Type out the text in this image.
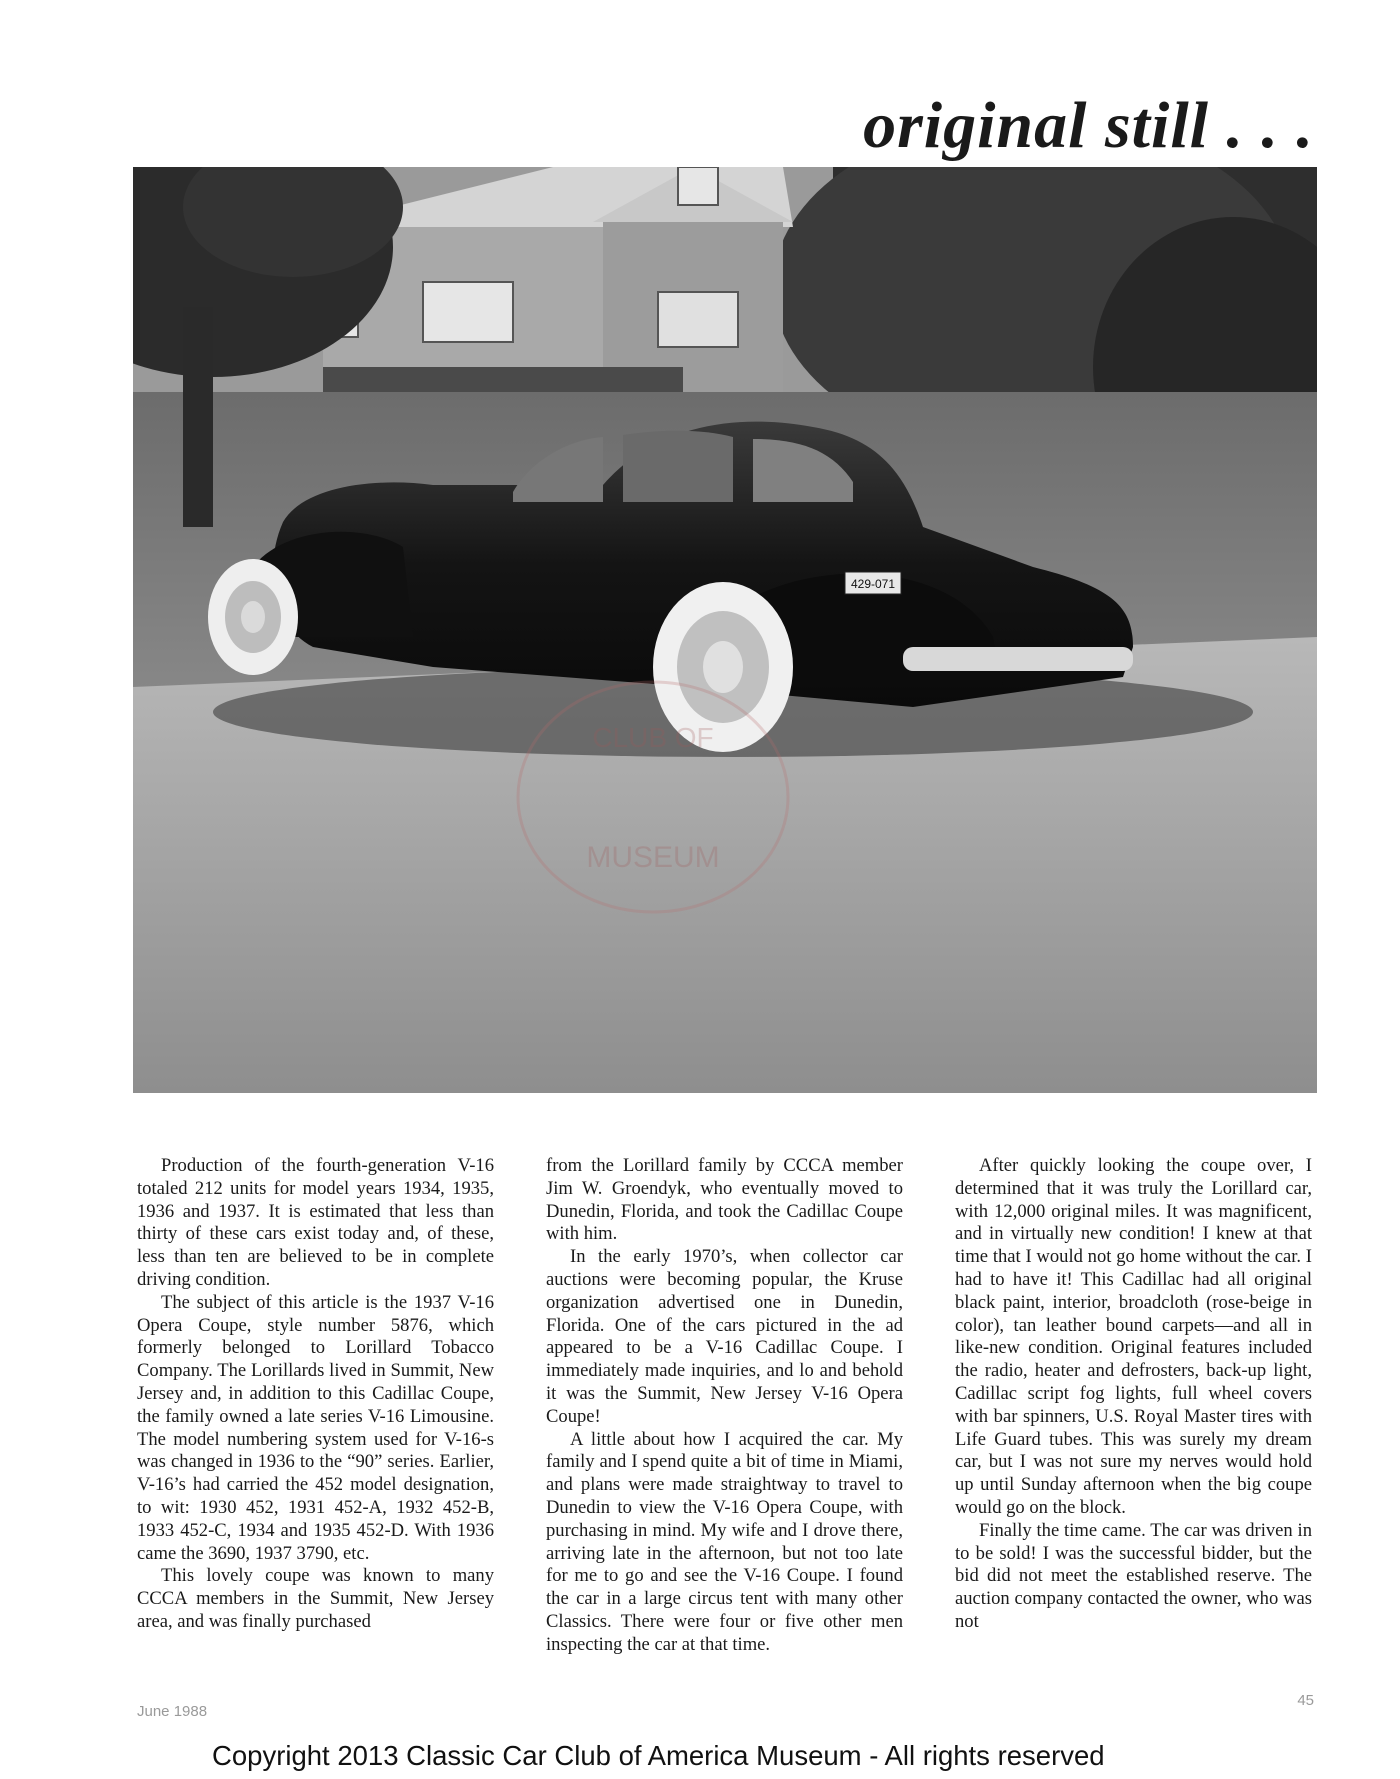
original still . . .
429-071
CLUB OF
MUSEUM

Production of the fourth-generation V-16 totaled 212 units for model years 1934, 1935, 1936 and 1937. It is estimated that less than thirty of these cars exist today and, of these, less than ten are believed to be in complete driving condition.

The subject of this article is the 1937 V-16 Opera Coupe, style number 5876, which formerly belonged to Lorillard Tobacco Company. The Lorillards lived in Summit, New Jersey and, in addition to this Cadillac Coupe, the family owned a late series V-16 Limousine. The model numbering system used for V-16-s was changed in 1936 to the “90” series. Earlier, V-16’s had carried the 452 model designation, to wit: 1930 452, 1931 452-A, 1932 452-B, 1933 452-C, 1934 and 1935 452-D. With 1936 came the 3690, 1937 3790, etc.

This lovely coupe was known to many CCCA members in the Summit, New Jersey area, and was finally purchased

from the Lorillard family by CCCA member Jim W. Groendyk, who eventually moved to Dunedin, Florida, and took the Cadillac Coupe with him.

In the early 1970’s, when collector car auctions were becoming popular, the Kruse organization advertised one in Dunedin, Florida. One of the cars pictured in the ad appeared to be a V-16 Cadillac Coupe. I immediately made inquiries, and lo and behold it was the Summit, New Jersey V-16 Opera Coupe!

A little about how I acquired the car. My family and I spend quite a bit of time in Miami, and plans were made straightway to travel to Dunedin to view the V-16 Opera Coupe, with purchasing in mind. My wife and I drove there, arriving late in the afternoon, but not too late for me to go and see the V-16 Coupe. I found the car in a large circus tent with many other Classics. There were four or five other men inspecting the car at that time.

After quickly looking the coupe over, I determined that it was truly the Lorillard car, with 12,000 original miles. It was magnificent, and in virtually new condition! I knew at that time that I would not go home without the car. I had to have it! This Cadillac had all original black paint, interior, broadcloth (rose-beige in color), tan leather bound carpets—and all in like-new condition. Original features included the radio, heater and defrosters, back-up light, Cadillac script fog lights, full wheel covers with bar spinners, U.S. Royal Master tires with Life Guard tubes. This was surely my dream car, but I was not sure my nerves would hold up until Sunday afternoon when the big coupe would go on the block.

Finally the time came. The car was driven in to be sold! I was the successful bidder, but the bid did not meet the established reserve. The auction company contacted the owner, who was not

June 1988
45
Copyright 2013 Classic Car Club of America Museum - All rights reserved
